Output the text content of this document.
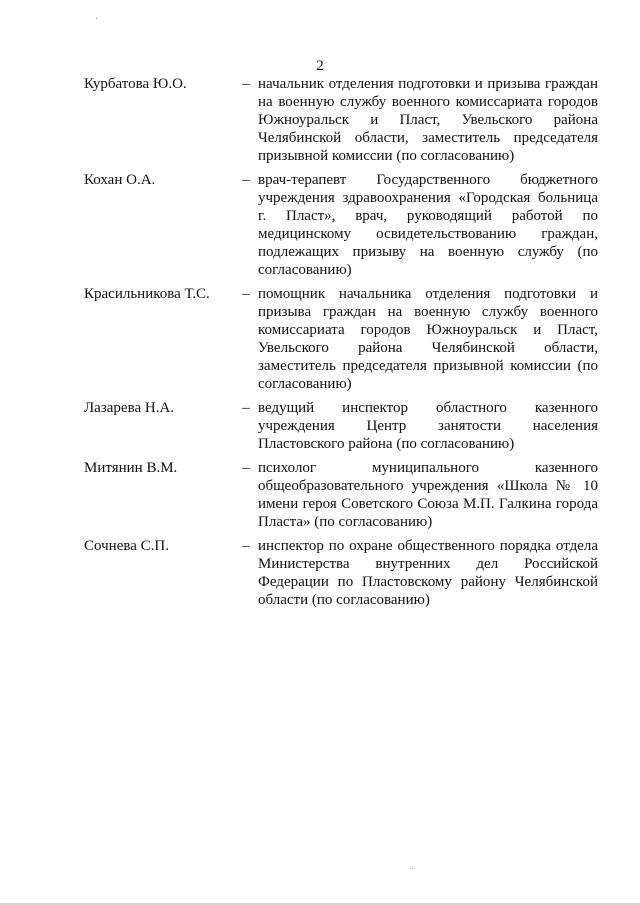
2
Курбатова Ю.О.	– начальник отделения подготовки и призыва граждан на военную службу военного комиссариата городов Южноуральск и Пласт, Увельского района Челябинской области, заместитель председателя призывной комиссии (по согласованию)
Кохан О.А.	– врач-терапевт Государственного бюджетного учреждения здравоохранения «Городская больница г. Пласт», врач, руководящий работой по медицинскому освидетельствованию граждан, подлежащих призыву на военную службу (по согласованию)
Красильникова Т.С.	– помощник начальника отделения подготовки и призыва граждан на военную службу военного комиссариата городов Южноуральск и Пласт, Увельского района Челябинской области, заместитель председателя призывной комиссии (по согласованию)
Лазарева Н.А.	– ведущий инспектор областного казенного учреждения Центр занятости населения Пластовского района (по согласованию)
Митянин В.М.	– психолог муниципального казенного общеобразовательного учреждения «Школа № 10 имени героя Советского Союза М.П. Галкина города Пласта» (по согласованию)
Сочнева С.П.	– инспектор по охране общественного порядка отдела Министерства внутренних дел Российской Федерации по Пластовскому району Челябинской области (по согласованию)
